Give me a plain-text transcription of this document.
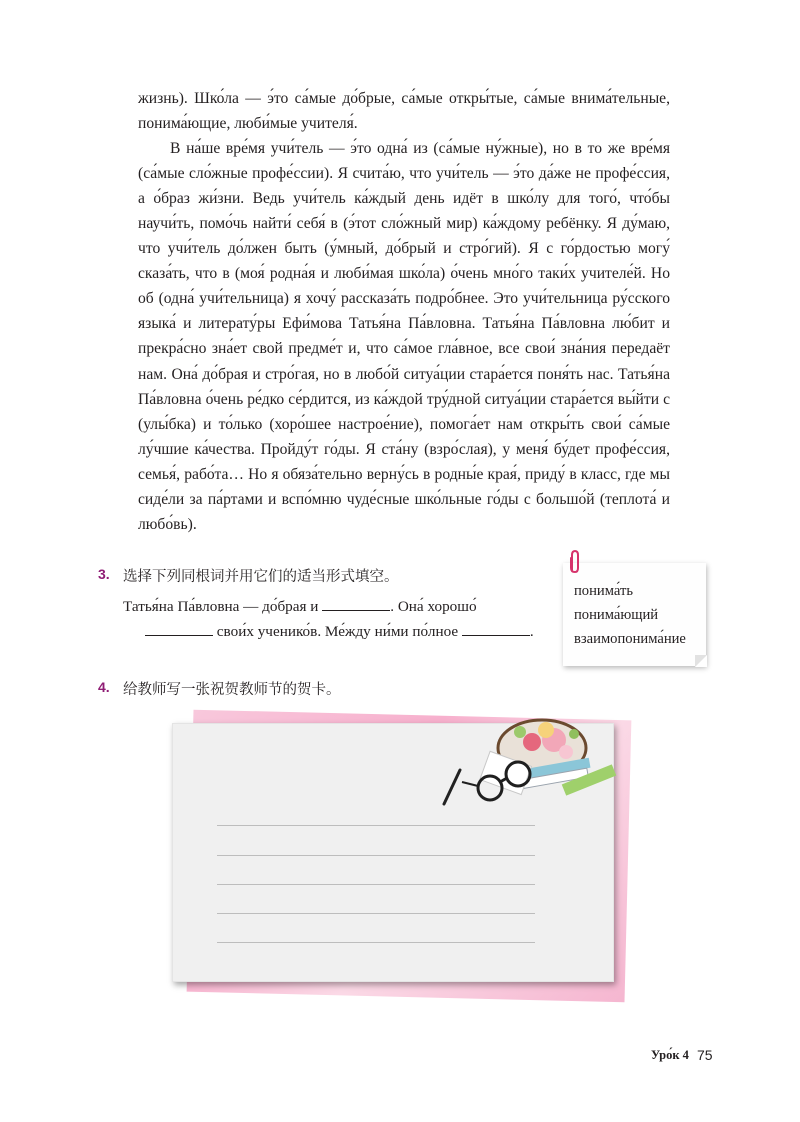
жизнь). Шко́ла — э́то са́мые до́брые, са́мые откры́тые, са́мые внима́тельные, понима́ющие, люби́мые учителя́.

В на́ше вре́мя учи́тель — э́то одна́ из (са́мые ну́жные), но в то же вре́мя (са́мые сло́жные профе́ссии). Я счита́ю, что учи́тель — э́то да́же не профе́ссия, а о́браз жи́зни. Ведь учи́тель ка́ждый день идёт в шко́лу для того́, что́бы научи́ть, помо́чь найти́ себя́ в (э́тот сло́жный мир) ка́ждому ребёнку. Я ду́маю, что учи́тель до́лжен быть (у́мный, до́брый и стро́гий). Я с го́рдостью могу́ сказа́ть, что в (моя́ родна́я и люби́мая шко́ла) о́чень мно́го таки́х учителе́й. Но об (одна́ учи́тельница) я хочу́ рассказа́ть подро́бнее. Это учи́тельница ру́сского языка́ и литерату́ры Ефи́мова Татья́на Па́вловна. Татья́на Па́вловна лю́бит и прекра́сно зна́ет свой предме́т и, что са́мое гла́вное, все свои́ зна́ния передаёт нам. Она́ до́брая и стро́гая, но в любо́й ситуа́ции стара́ется поня́ть нас. Татья́на Па́вловна о́чень ре́дко се́рдится, из ка́ждой тру́дной ситуа́ции стара́ется вы́йти с (улы́бка) и то́лько (хоро́шее настрое́ние), помога́ет нам откры́ть свои́ са́мые лу́чшие ка́чества. Пройду́т го́ды. Я ста́ну (взро́слая), у меня́ бу́дет профе́ссия, семья́, рабо́та… Но я обяза́тельно верну́сь в родны́е края́, приду́ в класс, где мы сиде́ли за па́ртами и вспо́мню чуде́сные шко́льные го́ды с большо́й (теплота́ и любо́вь).

3. 选择下列同根词并用它们的适当形式填空。
Татья́на Па́вловна — до́брая и	. Она́ хорошо́
свои́х ученико́в. Ме́жду ни́ми по́лное	.
понима́ть
понима́ющий
взаимопонима́ние
4. 给教师写一张祝贺教师节的贺卡。
Уро́к 4 75
